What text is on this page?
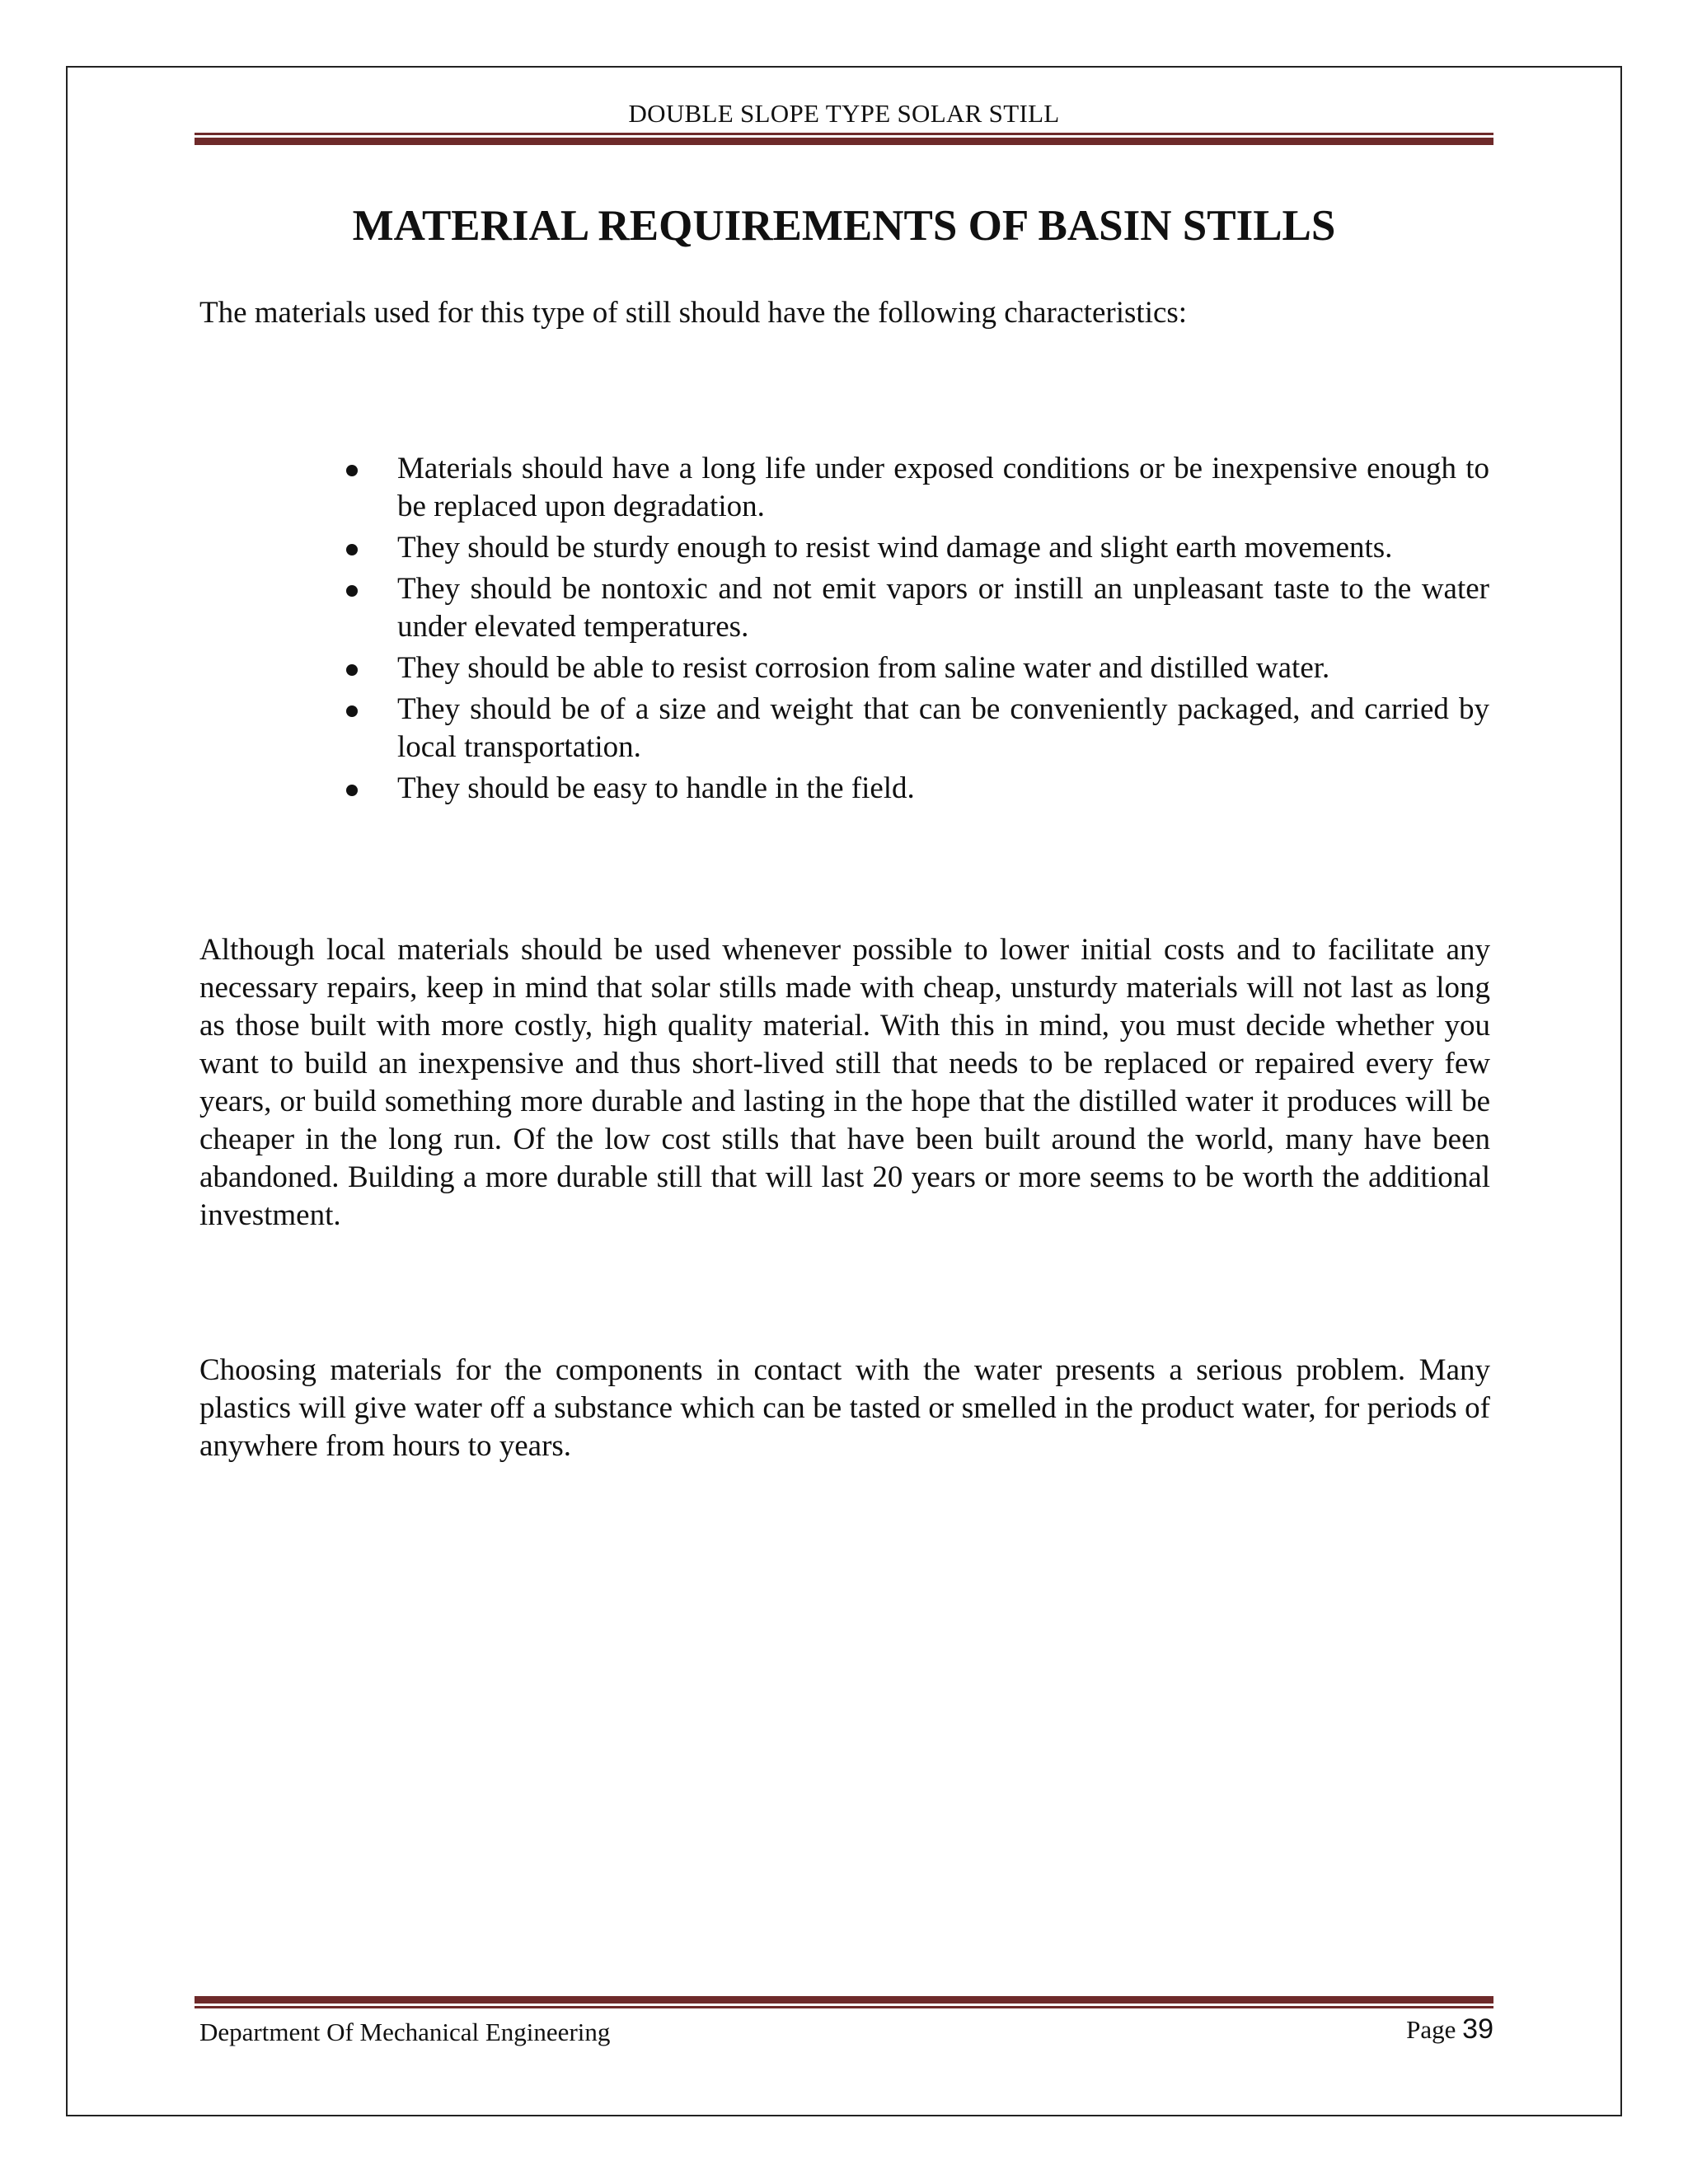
DOUBLE SLOPE TYPE SOLAR STILL
MATERIAL REQUIREMENTS OF BASIN STILLS
The materials used for this type of still should have the following characteristics:
Materials should have a long life under exposed conditions or be inexpensive enough to be replaced upon degradation.
They should be sturdy enough to resist wind damage and slight earth movements.
They should be nontoxic and not emit vapors or instill an unpleasant taste to the water under elevated temperatures.
They should be able to resist corrosion from saline water and distilled water.
They should be of a size and weight that can be conveniently packaged, and carried by local transportation.
They should be easy to handle in the field.
Although local materials should be used whenever possible to lower initial costs and to facilitate any necessary repairs, keep in mind that solar stills made with cheap, unsturdy materials will not last as long as those built with more costly, high quality material. With this in mind, you must decide whether you want to build an inexpensive and thus short-lived still that needs to be replaced or repaired every few years, or build something more durable and lasting in the hope that the distilled water it produces will be cheaper in the long run. Of the low cost stills that have been built around the world, many have been abandoned. Building a more durable still that will last 20 years or more seems to be worth the additional investment.
Choosing materials for the components in contact with the water presents a serious problem. Many plastics will give water off a substance which can be tasted or smelled in the product water, for periods of anywhere from hours to years.
Department Of Mechanical Engineering	Page 39
